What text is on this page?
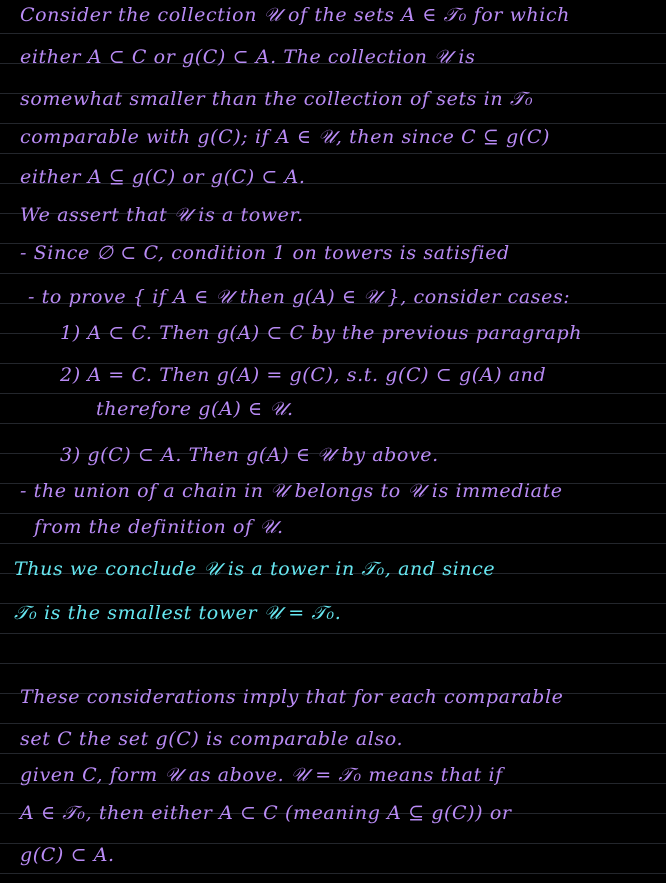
Consider the collection 𝒰 of the sets A ∈ 𝒯₀ for which
either A ⊂ C or g(C) ⊂ A. The collection 𝒰 is
somewhat smaller than the collection of sets in 𝒯₀
comparable with g(C); if A ∈ 𝒰, then since C ⊆ g(C)
either A ⊆ g(C) or g(C) ⊂ A.
We assert that 𝒰 is a tower.
- Since ∅ ⊂ C, condition 1 on towers is satisfied
- to prove { if A ∈ 𝒰 then g(A) ∈ 𝒰 }, consider cases:
1) A ⊂ C. Then g(A) ⊂ C by the previous paragraph
2) A = C. Then g(A) = g(C), s.t. g(C) ⊂ g(A) and
therefore g(A) ∈ 𝒰.
3) g(C) ⊂ A. Then g(A) ∈ 𝒰 by above.
- the union of a chain in 𝒰 belongs to 𝒰 is immediate
from the definition of 𝒰.
Thus we conclude 𝒰 is a tower in 𝒯₀, and since
𝒯₀ is the smallest tower 𝒰 = 𝒯₀.
These considerations imply that for each comparable
set C the set g(C) is comparable also.
given C, form 𝒰 as above. 𝒰 = 𝒯₀ means that if
A ∈ 𝒯₀, then either A ⊂ C (meaning A ⊆ g(C)) or
g(C) ⊂ A.
